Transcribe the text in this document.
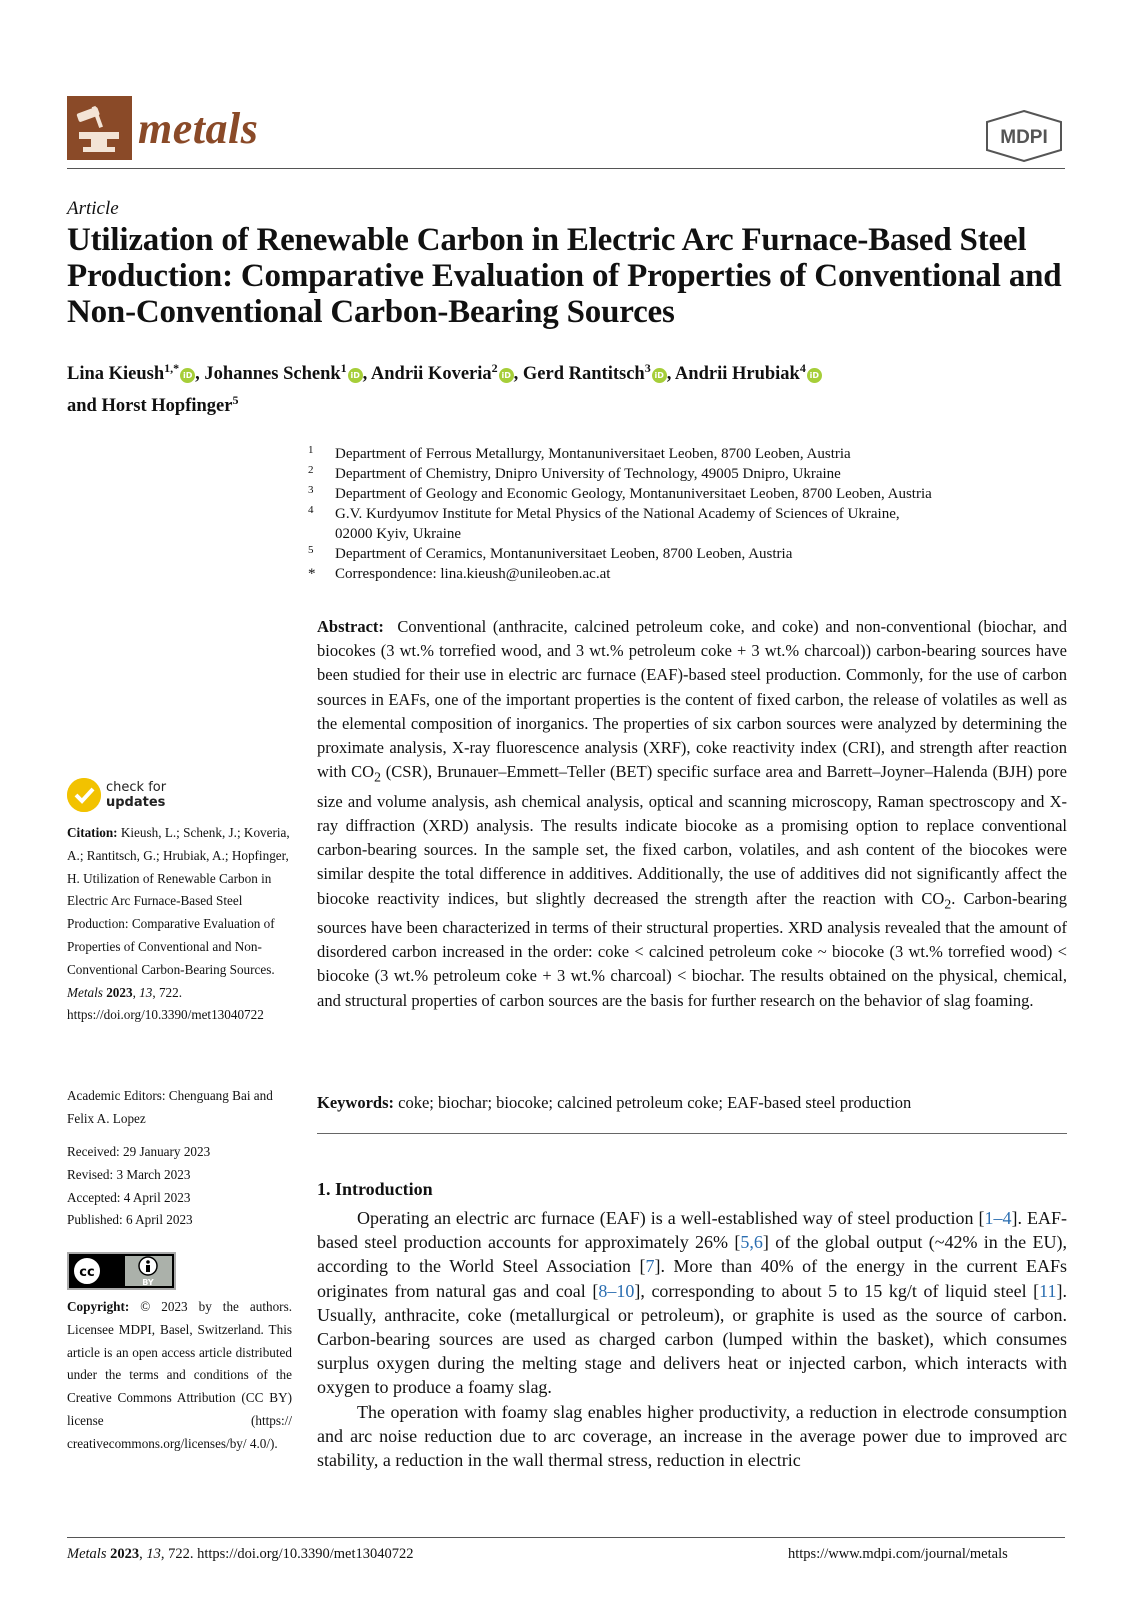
metals	MDPI
Article
Utilization of Renewable Carbon in Electric Arc Furnace-Based Steel Production: Comparative Evaluation of Properties of Conventional and Non-Conventional Carbon-Bearing Sources
Lina Kieush$^{1,*}$iD , Johannes Schenk$^1$iD , Andrii Koveria$^2$iD , Gerd Rantitsch$^3$iD , Andrii Hrubiak$^4$iD
and Horst Hopfinger$^5$
1	Department of Ferrous Metallurgy, Montanuniversitaet Leoben, 8700 Leoben, Austria
2	Department of Chemistry, Dnipro University of Technology, 49005 Dnipro, Ukraine
3	Department of Geology and Economic Geology, Montanuniversitaet Leoben, 8700 Leoben, Austria
4	G.V. Kurdyumov Institute for Metal Physics of the National Academy of Sciences of Ukraine,
02000 Kyiv, Ukraine
5	Department of Ceramics, Montanuniversitaet Leoben, 8700 Leoben, Austria
*	Correspondence: lina.kieush@unileoben.ac.at
Abstract: Conventional (anthracite, calcined petroleum coke, and coke) and non-conventional (biochar, and biocokes (3 wt.% torrefied wood, and 3 wt.% petroleum coke + 3 wt.% charcoal)) carbon-bearing sources have been studied for their use in electric arc furnace (EAF)-based steel production. Commonly, for the use of carbon sources in EAFs, one of the important properties is the content of fixed carbon, the release of volatiles as well as the elemental composition of inorganics. The properties of six carbon sources were analyzed by determining the proximate analysis, X-ray fluorescence analysis (XRF), coke reactivity index (CRI), and strength after reaction with $CO_2$ (CSR), Brunauer–Emmett–Teller (BET) specific surface area and Barrett–Joyner–Halenda (BJH) pore size and volume analysis, ash chemical analysis, optical and scanning microscopy, Raman spectroscopy and X-ray diffraction (XRD) analysis. The results indicate biocoke as a promising option to replace conventional carbon-bearing sources. In the sample set, the fixed carbon, volatiles, and ash content of the biocokes were similar despite the total difference in additives. Additionally, the use of additives did not significantly affect the biocoke reactivity indices, but slightly decreased the strength after the reaction with $CO_2$. Carbon-bearing sources have been characterized in terms of their structural properties. XRD analysis revealed that the amount of disordered carbon increased in the order: coke < calcined petroleum coke ~ biocoke (3 wt.% torrefied wood) < biocoke (3 wt.% petroleum coke + 3 wt.% charcoal) < biochar. The results obtained on the physical, chemical, and structural properties of carbon sources are the basis for further research on the behavior of slag foaming.
Keywords: coke; biochar; biocoke; calcined petroleum coke; EAF-based steel production
1. Introduction

Operating an electric arc furnace (EAF) is a well-established way of steel production [1–4]. EAF-based steel production accounts for approximately 26% [5,6] of the global output (~42% in the EU), according to the World Steel Association [7]. More than 40% of the energy in the current EAFs originates from natural gas and coal [8–10], corresponding to about 5 to 15 kg/t of liquid steel [11]. Usually, anthracite, coke (metallurgical or petroleum), or graphite is used as the source of carbon. Carbon-bearing sources are used as charged carbon (lumped within the basket), which consumes surplus oxygen during the melting stage and delivers heat or injected carbon, which interacts with oxygen to produce a foamy slag.

The operation with foamy slag enables higher productivity, a reduction in electrode consumption and arc noise reduction due to arc coverage, an increase in the average power due to improved arc stability, a reduction in the wall thermal stress, reduction in electric

check for
updates
Citation: Kieush, L.; Schenk, J.; Koveria, A.; Rantitsch, G.; Hrubiak, A.; Hopfinger, H. Utilization of Renewable Carbon in Electric Arc Furnace-Based Steel Production: Comparative Evaluation of Properties of Conventional and Non-Conventional Carbon-Bearing Sources. Metals 2023, 13, 722. https://doi.org/10.3390/met13040722
Academic Editors: Chenguang Bai and Felix A. Lopez
Received: 29 January 2023
Revised: 3 March 2023
Accepted: 4 April 2023
Published: 6 April 2023
cc
BY
Copyright: © 2023 by the authors. Licensee MDPI, Basel, Switzerland. This article is an open access article distributed under the terms and conditions of the Creative Commons Attribution (CC BY) license (https:// creativecommons.org/licenses/by/ 4.0/).
Metals 2023, 13, 722. https://doi.org/10.3390/met13040722	https://www.mdpi.com/journal/metals
